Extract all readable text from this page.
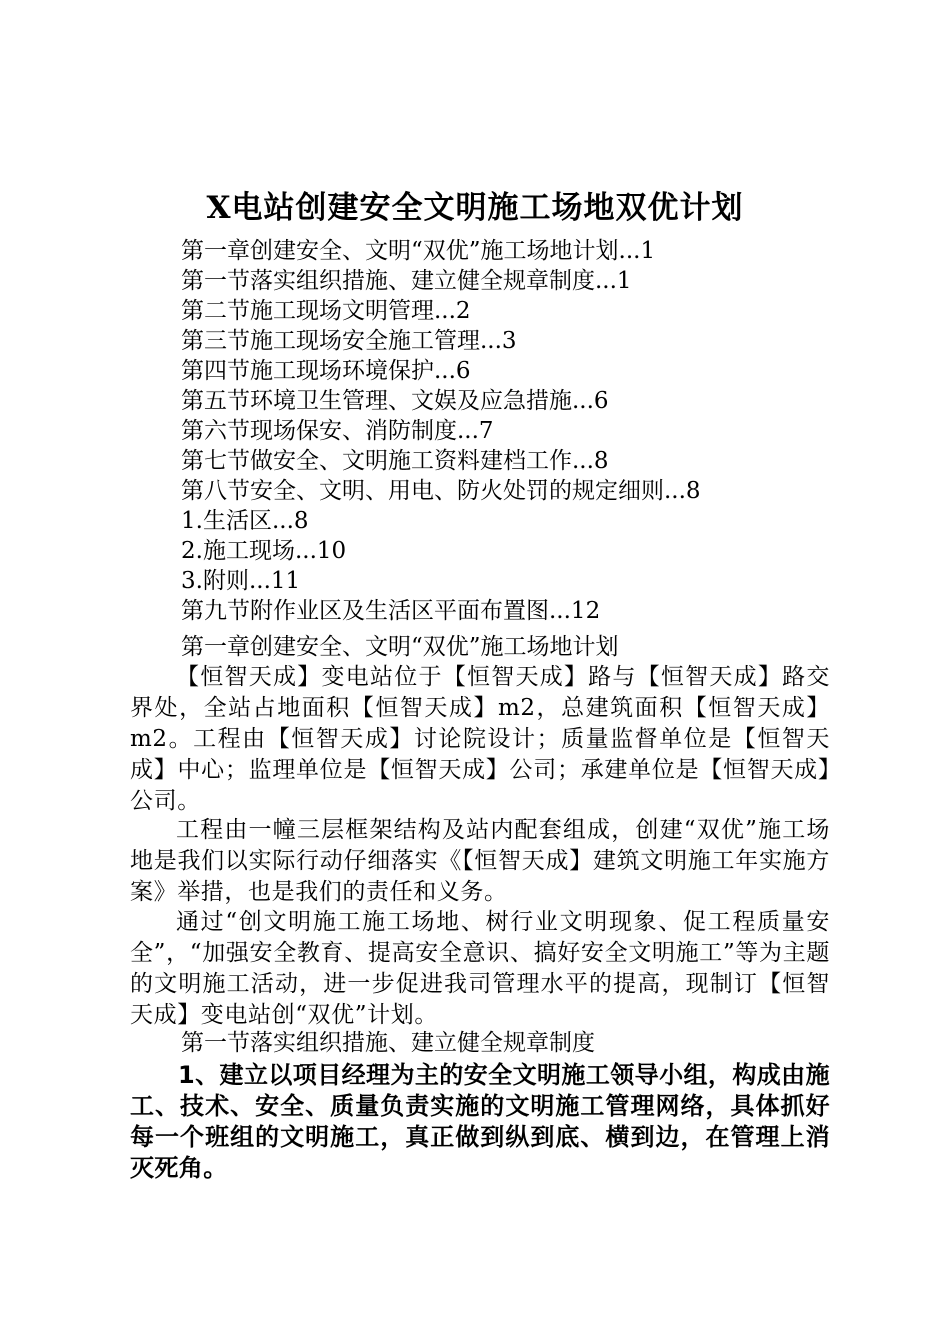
X电站创建安全文明施工场地双优计划
第一章创建安全、文明“双优”施工场地计划...1
第一节落实组织措施、建立健全规章制度...1
第二节施工现场文明管理...2
第三节施工现场安全施工管理...3
第四节施工现场环境保护...6
第五节环境卫生管理、文娱及应急措施...6
第六节现场保安、消防制度...7
第七节做安全、文明施工资料建档工作...8
第八节安全、文明、用电、防火处罚的规定细则...8
1.生活区...8
2.施工现场...10
3.附则...11
第九节附作业区及生活区平面布置图...12
第一章创建安全、文明“双优”施工场地计划

【恒智天成】变电站位于【恒智天成】路与【恒智天成】路交界处，全站占地面积【恒智天成】m2，总建筑面积【恒智天成】m2。工程由【恒智天成】讨论院设计；质量监督单位是【恒智天成】中心；监理单位是【恒智天成】公司；承建单位是【恒智天成】公司。

工程由一幢三层框架结构及站内配套组成，创建“双优”施工场地是我们以实际行动仔细落实《【恒智天成】建筑文明施工年实施方案》举措，也是我们的责任和义务。

通过“创文明施工施工场地、树行业文明现象、促工程质量安全”，“加强安全教育、提高安全意识、搞好安全文明施工”等为主题的文明施工活动，进一步促进我司管理水平的提高，现制订【恒智天成】变电站创“双优”计划。

第一节落实组织措施、建立健全规章制度

1、建立以项目经理为主的安全文明施工领导小组，构成由施工、技术、安全、质量负责实施的文明施工管理网络，具体抓好每一个班组的文明施工，真正做到纵到底、横到边，在管理上消灭死角。
